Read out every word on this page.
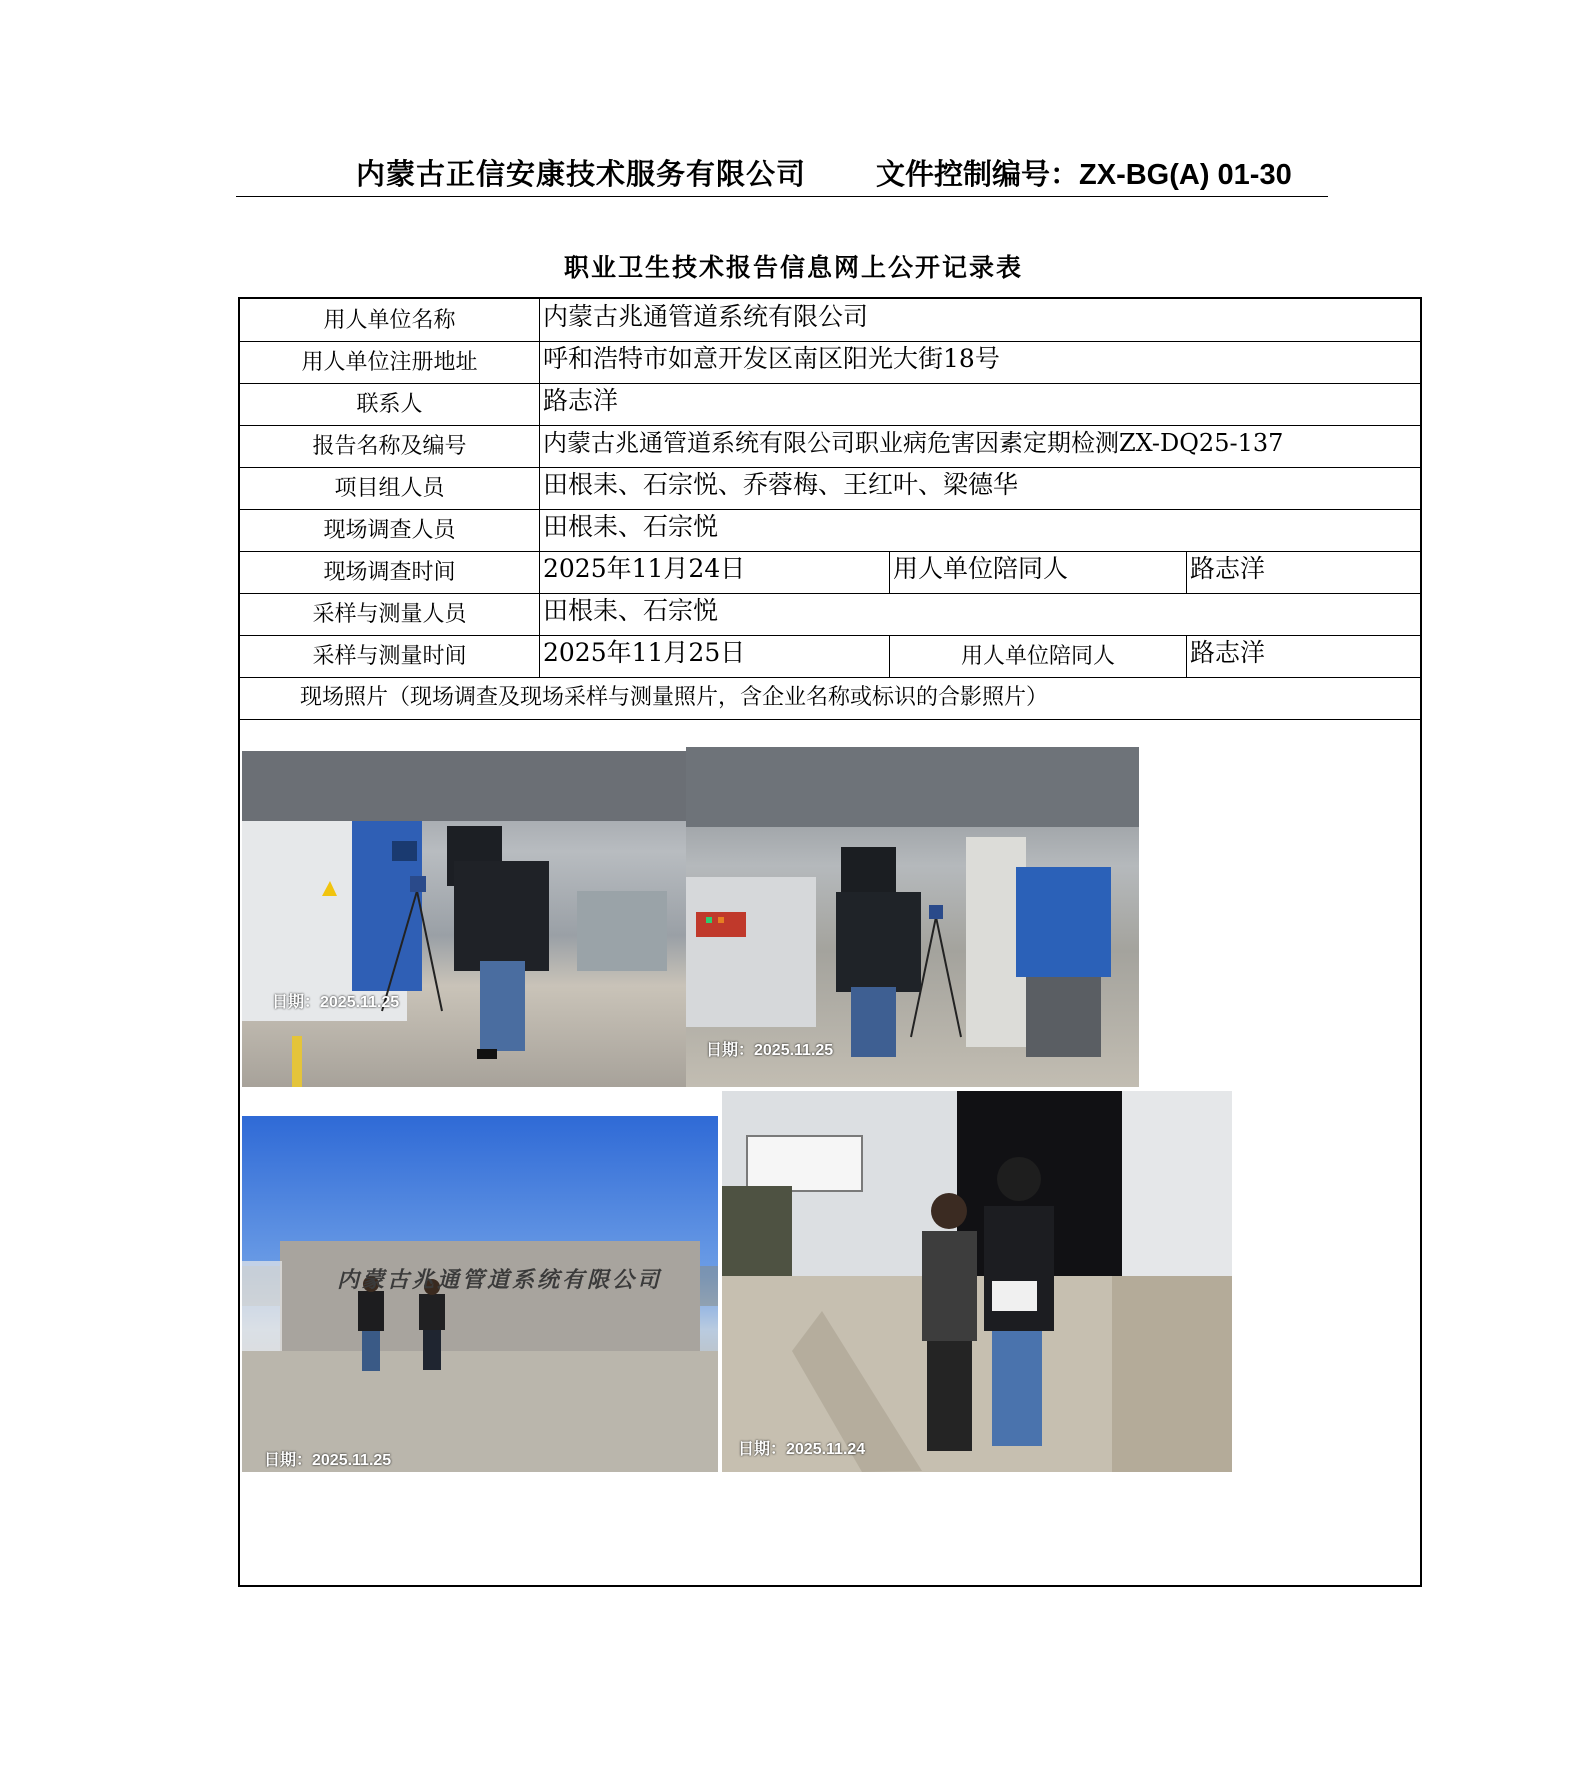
内蒙古正信安康技术服务有限公司 文件控制编号：ZX-BG(A) 01-30
职业卫生技术报告信息网上公开记录表
用人单位名称	内蒙古兆通管道系统有限公司
用人单位注册地址	呼和浩特市如意开发区南区阳光大街18号
联系人	路志洋
报告名称及编号	内蒙古兆通管道系统有限公司职业病危害因素定期检测ZX-DQ25-137
项目组人员	田根耒、石宗悦、乔蓉梅、王红叶、梁德华
现场调查人员	田根耒、石宗悦
现场调查时间	2025年11月24日	用人单位陪同人	路志洋
采样与测量人员	田根耒、石宗悦
采样与测量时间	2025年11月25日	用人单位陪同人	路志洋
现场照片（现场调查及现场采样与测量照片，含企业名称或标识的合影照片）
日期：2025.11.25
日期：2025.11.25
内蒙古兆通管道系统有限公司
日期：2025.11.25
日期：2025.11.24
